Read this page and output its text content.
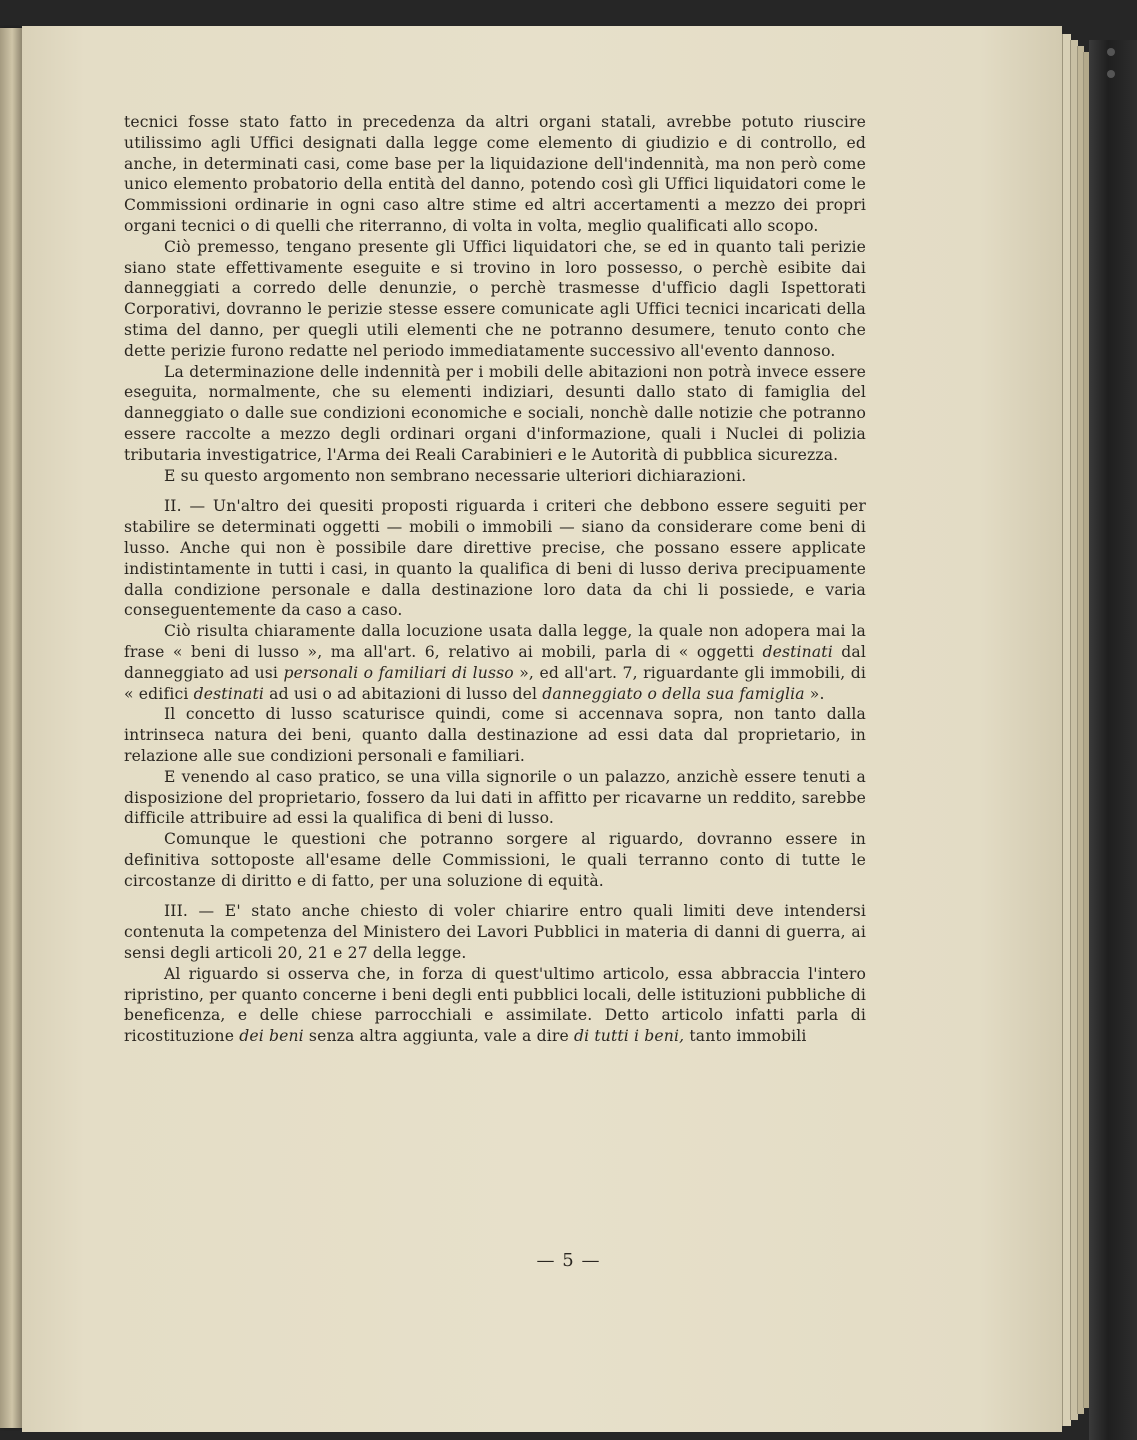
tecnici fosse stato fatto in precedenza da altri organi statali, avrebbe potuto riuscire utilissimo agli Uffici designati dalla legge come elemento di giudizio e di controllo, ed anche, in determinati casi, come base per la liquidazione dell'indennità, ma non però come unico elemento probatorio della entità del danno, potendo così gli Uffici liquidatori come le Commissioni ordinarie in ogni caso altre stime ed altri accertamenti a mezzo dei propri organi tecnici o di quelli che riterranno, di volta in volta, meglio qualificati allo scopo.

Ciò premesso, tengano presente gli Uffici liquidatori che, se ed in quanto tali perizie siano state effettivamente eseguite e si trovino in loro possesso, o perchè esibite dai danneggiati a corredo delle denunzie, o perchè trasmesse d'ufficio dagli Ispettorati Corporativi, dovranno le perizie stesse essere comunicate agli Uffici tecnici incaricati della stima del danno, per quegli utili elementi che ne potranno desumere, tenuto conto che dette perizie furono redatte nel periodo immediatamente successivo all'evento dannoso.

La determinazione delle indennità per i mobili delle abitazioni non potrà invece essere eseguita, normalmente, che su elementi indiziari, desunti dallo stato di famiglia del danneggiato o dalle sue condizioni economiche e sociali, nonchè dalle notizie che potranno essere raccolte a mezzo degli ordinari organi d'informazione, quali i Nuclei di polizia tributaria investigatrice, l'Arma dei Reali Carabinieri e le Autorità di pubblica sicurezza.

E su questo argomento non sembrano necessarie ulteriori dichiarazioni.

II. — Un'altro dei quesiti proposti riguarda i criteri che debbono essere seguiti per stabilire se determinati oggetti — mobili o immobili — siano da considerare come beni di lusso. Anche qui non è possibile dare direttive precise, che possano essere applicate indistintamente in tutti i casi, in quanto la qualifica di beni di lusso deriva precipuamente dalla condizione personale e dalla destinazione loro data da chi li possiede, e varia conseguentemente da caso a caso.

Ciò risulta chiaramente dalla locuzione usata dalla legge, la quale non adopera mai la frase « beni di lusso », ma all'art. 6, relativo ai mobili, parla di « oggetti destinati dal danneggiato ad usi personali o familiari di lusso », ed all'art. 7, riguardante gli immobili, di « edifici destinati ad usi o ad abitazioni di lusso del danneggiato o della sua famiglia ».

Il concetto di lusso scaturisce quindi, come si accennava sopra, non tanto dalla intrinseca natura dei beni, quanto dalla destinazione ad essi data dal proprietario, in relazione alle sue condizioni personali e familiari.

E venendo al caso pratico, se una villa signorile o un palazzo, anzichè essere tenuti a disposizione del proprietario, fossero da lui dati in affitto per ricavarne un reddito, sarebbe difficile attribuire ad essi la qualifica di beni di lusso.

Comunque le questioni che potranno sorgere al riguardo, dovranno essere in definitiva sottoposte all'esame delle Commissioni, le quali terranno conto di tutte le circostanze di diritto e di fatto, per una soluzione di equità.

III. — E' stato anche chiesto di voler chiarire entro quali limiti deve intendersi contenuta la competenza del Ministero dei Lavori Pubblici in materia di danni di guerra, ai sensi degli articoli 20, 21 e 27 della legge.

Al riguardo si osserva che, in forza di quest'ultimo articolo, essa abbraccia l'intero ripristino, per quanto concerne i beni degli enti pubblici locali, delle istituzioni pubbliche di beneficenza, e delle chiese parrocchiali e assimilate. Detto articolo infatti parla di ricostituzione dei beni senza altra aggiunta, vale a dire di tutti i beni, tanto immobili

— 5 —
